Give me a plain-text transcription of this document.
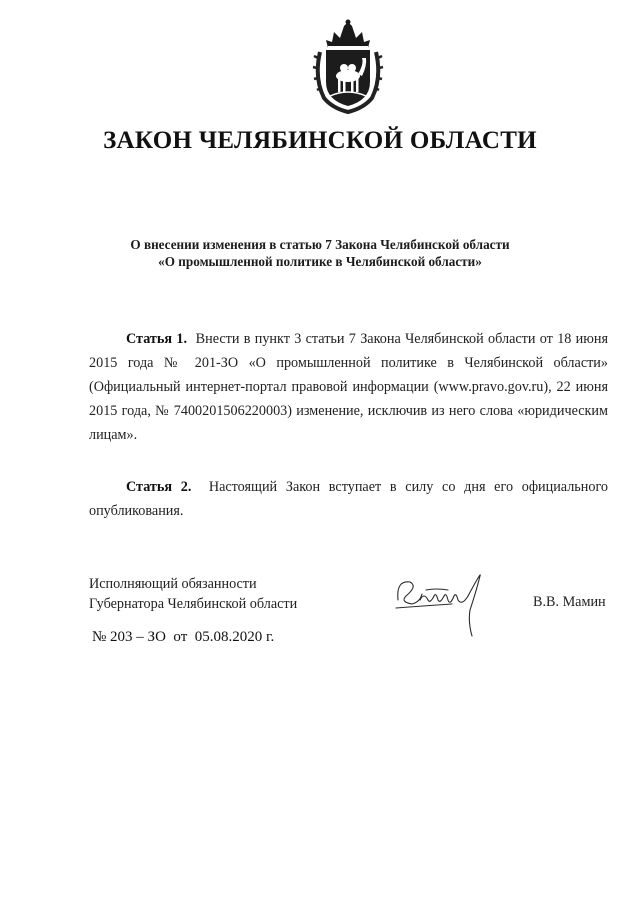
ЗАКОН ЧЕЛЯБИНСКОЙ ОБЛАСТИ
О внесении изменения в статью 7 Закона Челябинской области
«О промышленной политике в Челябинской области»
Статья 1. Внести в пункт 3 статьи 7 Закона Челябинской области от 18 июня
2015 года № 201-ЗО «О промышленной политике в Челябинской области»
(Официальный интернет-портал правовой информации (www.pravo.gov.ru), 22 июня
2015 года, № 7400201506220003) изменение, исключив из него слова «юридическим
лицам».
Статья 2. Настоящий Закон вступает в силу со дня его официального
опубликования.
Исполняющий обязанности
Губернатора Челябинской области	В.В. Мамин
№ 203 – ЗО  от  05.08.2020 г.
